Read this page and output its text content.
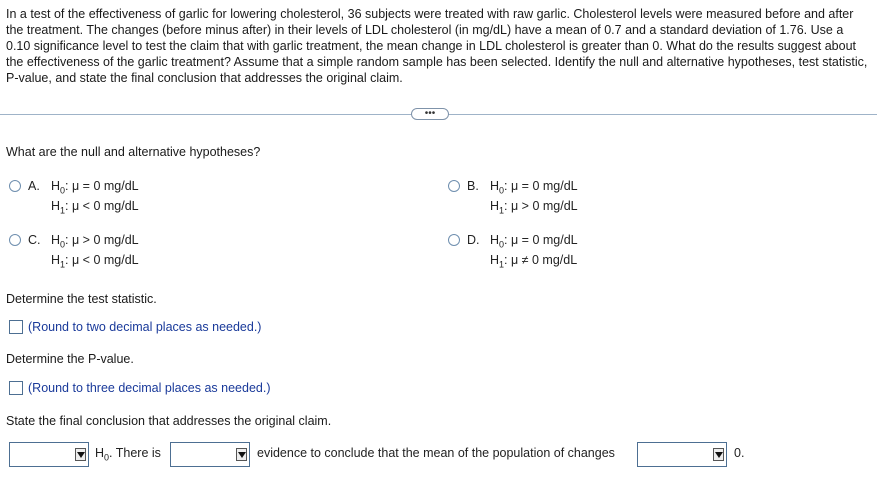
In a test of the effectiveness of garlic for lowering cholesterol, 36 subjects were treated with raw garlic. Cholesterol levels were measured before and after the treatment. The changes (before minus after) in their levels of LDL cholesterol (in mg/dL) have a mean of 0.7 and a standard deviation of 1.76. Use a 0.10 significance level to test the claim that with garlic treatment, the mean change in LDL cholesterol is greater than 0. What do the results suggest about the effectiveness of the garlic treatment? Assume that a simple random sample has been selected. Identify the null and alternative hypotheses, test statistic, P-value, and state the final conclusion that addresses the original claim.
•••
What are the null and alternative hypotheses?
A. $H_0$: μ = 0 mg/dL
$H_1$: μ < 0 mg/dL
B. $H_0$: μ = 0 mg/dL
$H_1$: μ > 0 mg/dL
C. $H_0$: μ > 0 mg/dL
$H_1$: μ < 0 mg/dL
D. $H_0$: μ = 0 mg/dL
$H_1$: μ ≠ 0 mg/dL
Determine the test statistic.
(Round to two decimal places as needed.)
Determine the P-value.
(Round to three decimal places as needed.)
State the final conclusion that addresses the original claim.
$H_0$. There is	evidence to conclude that the mean of the population of changes	0.
